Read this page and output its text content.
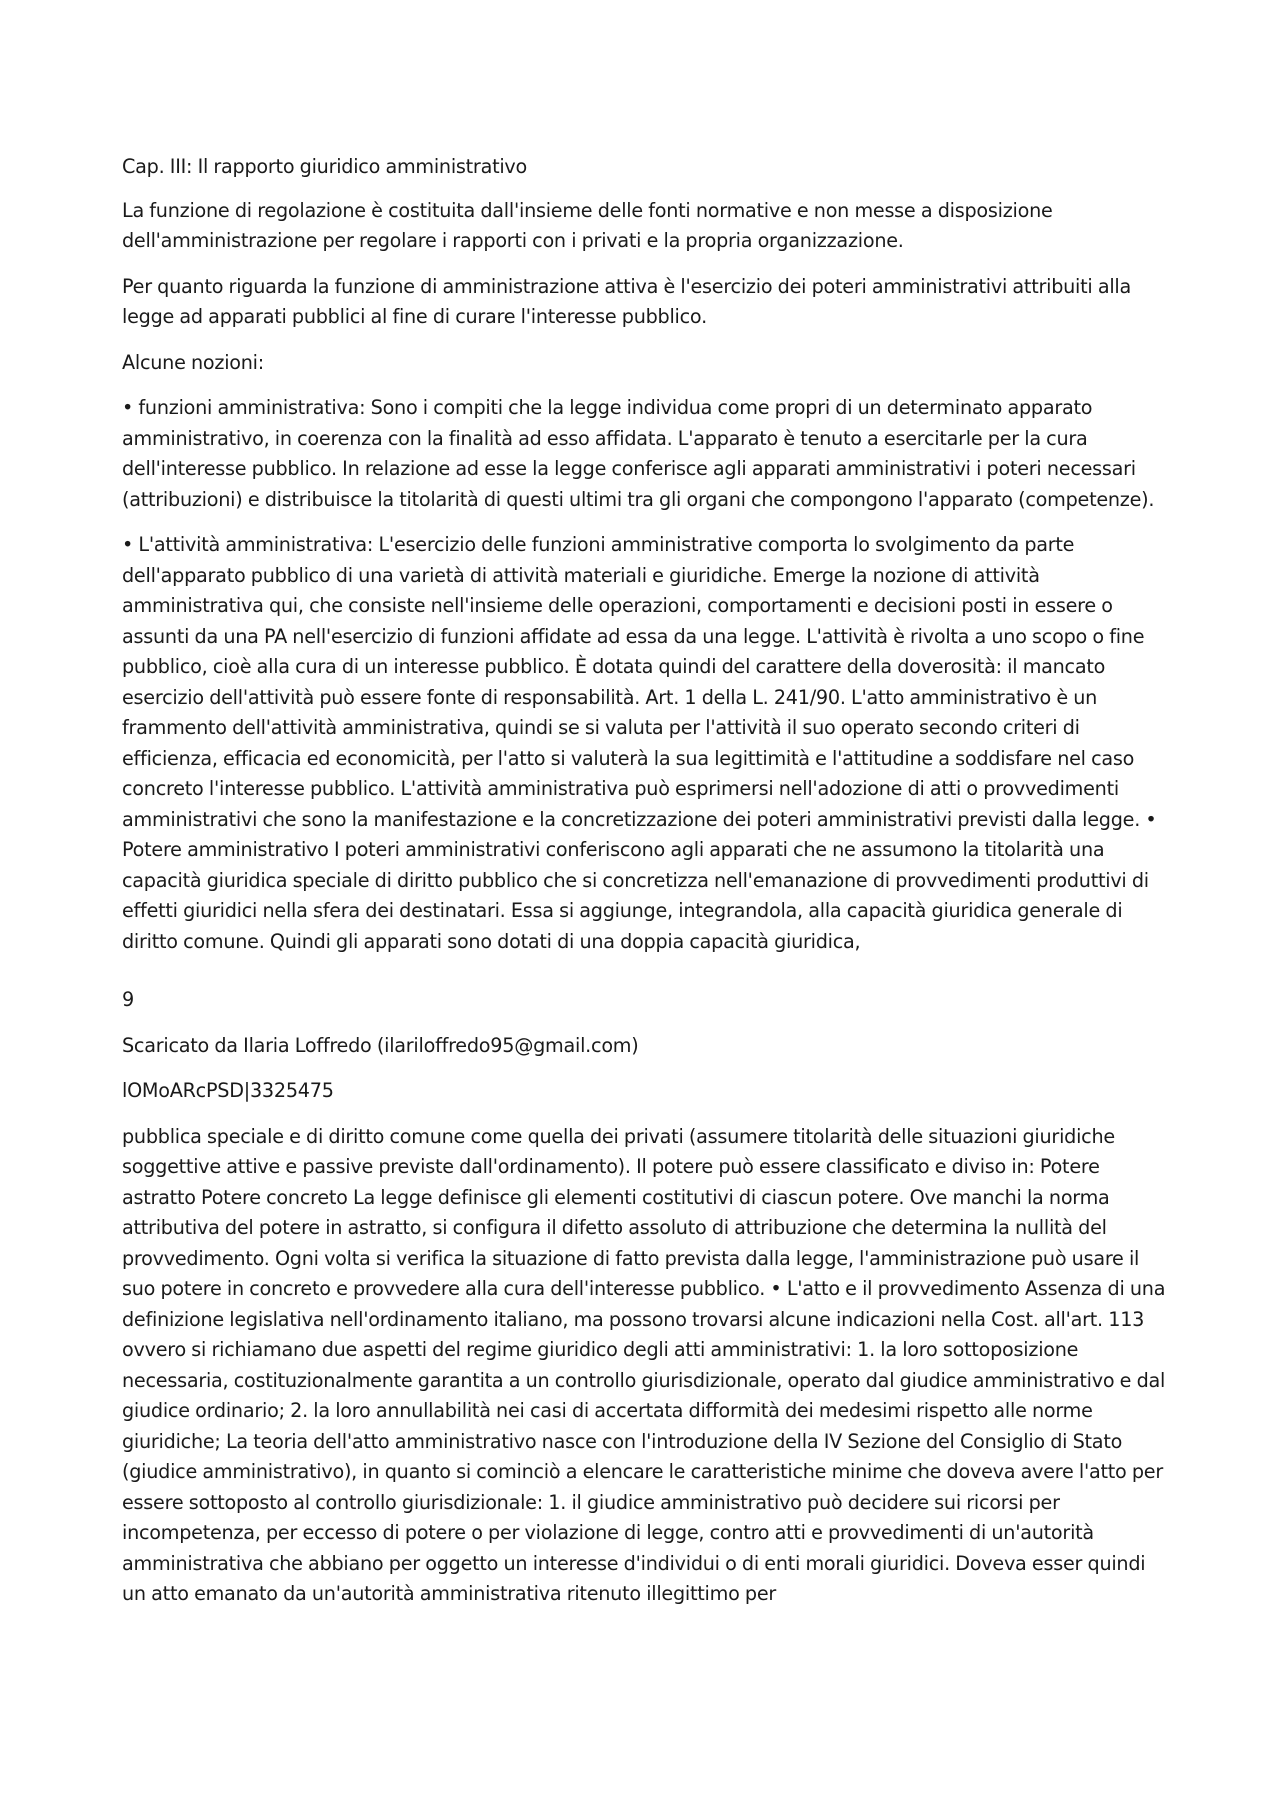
Cap. III: Il rapporto giuridico amministrativo

La funzione di regolazione è costituita dall'insieme delle fonti normative e non messe a disposizione dell'amministrazione per regolare i rapporti con i privati e la propria organizzazione.

Per quanto riguarda la funzione di amministrazione attiva è l'esercizio dei poteri amministrativi attribuiti alla legge ad apparati pubblici al fine di curare l'interesse pubblico.

Alcune nozioni:

• funzioni amministrativa: Sono i compiti che la legge individua come propri di un determinato apparato amministrativo, in coerenza con la finalità ad esso affidata. L'apparato è tenuto a esercitarle per la cura dell'interesse pubblico. In relazione ad esse la legge conferisce agli apparati amministrativi i poteri necessari (attribuzioni) e distribuisce la titolarità di questi ultimi tra gli organi che compongono l'apparato (competenze).

• L'attività amministrativa: L'esercizio delle funzioni amministrative comporta lo svolgimento da parte dell'apparato pubblico di una varietà di attività materiali e giuridiche. Emerge la nozione di attività amministrativa qui, che consiste nell'insieme delle operazioni, comportamenti e decisioni posti in essere o assunti da una PA nell'esercizio di funzioni affidate ad essa da una legge. L'attività è rivolta a uno scopo o fine pubblico, cioè alla cura di un interesse pubblico. È dotata quindi del carattere della doverosità: il mancato esercizio dell'attività può essere fonte di responsabilità. Art. 1 della L. 241/90. L'atto amministrativo è un frammento dell'attività amministrativa, quindi se si valuta per l'attività il suo operato secondo criteri di efficienza, efficacia ed economicità, per l'atto si valuterà la sua legittimità e l'attitudine a soddisfare nel caso concreto l'interesse pubblico. L'attività amministrativa può esprimersi nell'adozione di atti o provvedimenti amministrativi che sono la manifestazione e la concretizzazione dei poteri amministrativi previsti dalla legge. • Potere amministrativo I poteri amministrativi conferiscono agli apparati che ne assumono la titolarità una capacità giuridica speciale di diritto pubblico che si concretizza nell'emanazione di provvedimenti produttivi di effetti giuridici nella sfera dei destinatari. Essa si aggiunge, integrandola, alla capacità giuridica generale di diritto comune. Quindi gli apparati sono dotati di una doppia capacità giuridica,

9

Scaricato da Ilaria Loffredo (ilariloffredo95@gmail.com)

lOMoARcPSD|3325475

pubblica speciale e di diritto comune come quella dei privati (assumere titolarità delle situazioni giuridiche soggettive attive e passive previste dall'ordinamento). Il potere può essere classificato e diviso in: Potere astratto Potere concreto La legge definisce gli elementi costitutivi di ciascun potere. Ove manchi la norma attributiva del potere in astratto, si configura il difetto assoluto di attribuzione che determina la nullità del provvedimento. Ogni volta si verifica la situazione di fatto prevista dalla legge, l'amministrazione può usare il suo potere in concreto e provvedere alla cura dell'interesse pubblico. • L'atto e il provvedimento Assenza di una definizione legislativa nell'ordinamento italiano, ma possono trovarsi alcune indicazioni nella Cost. all'art. 113 ovvero si richiamano due aspetti del regime giuridico degli atti amministrativi: 1. la loro sottoposizione necessaria, costituzionalmente garantita a un controllo giurisdizionale, operato dal giudice amministrativo e dal giudice ordinario; 2. la loro annullabilità nei casi di accertata difformità dei medesimi rispetto alle norme giuridiche; La teoria dell'atto amministrativo nasce con l'introduzione della IV Sezione del Consiglio di Stato (giudice amministrativo), in quanto si cominciò a elencare le caratteristiche minime che doveva avere l'atto per essere sottoposto al controllo giurisdizionale: 1. il giudice amministrativo può decidere sui ricorsi per incompetenza, per eccesso di potere o per violazione di legge, contro atti e provvedimenti di un'autorità amministrativa che abbiano per oggetto un interesse d'individui o di enti morali giuridici. Doveva esser quindi un atto emanato da un'autorità amministrativa ritenuto illegittimo per
